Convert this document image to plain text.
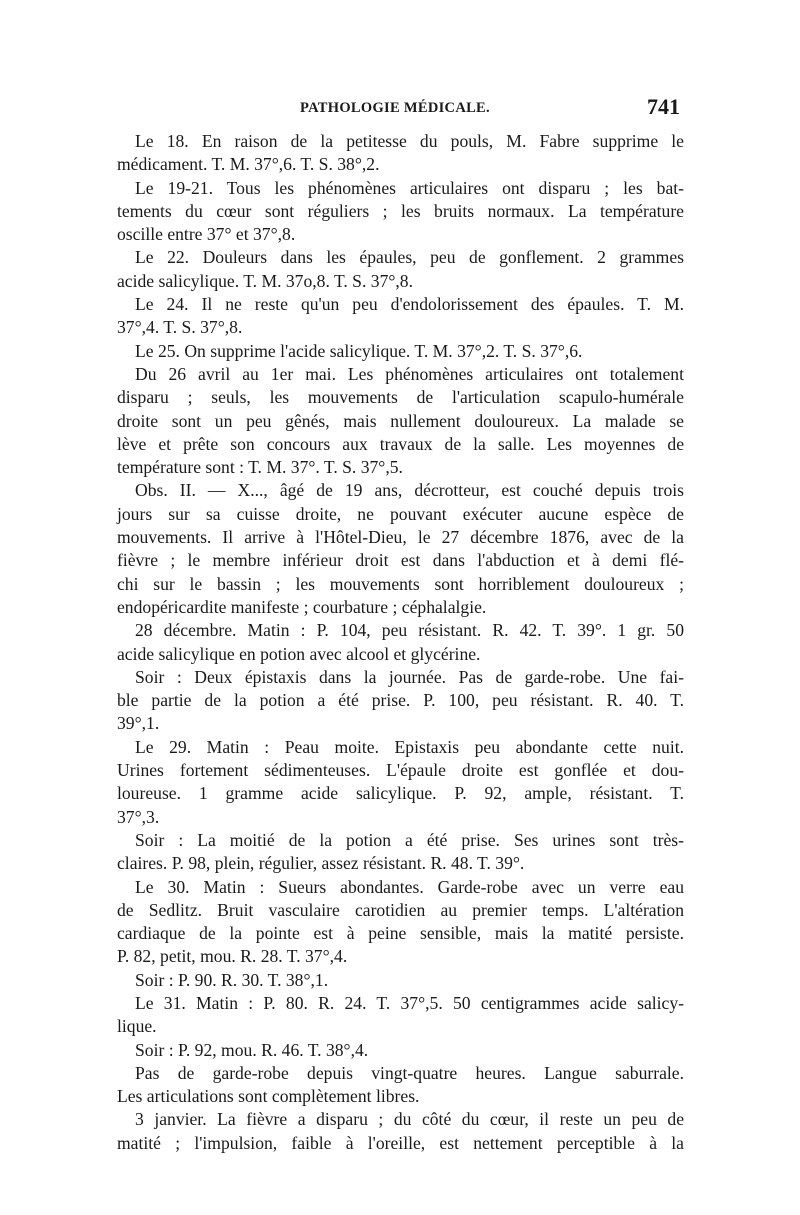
PATHOLOGIE MÉDICALE.	741
Le 18. En raison de la petitesse du pouls, M. Fabre supprime le
médicament. T. M. 37°,6. T. S. 38°,2.
Le 19-21. Tous les phénomènes articulaires ont disparu ; les bat-
tements du cœur sont réguliers ; les bruits normaux. La température
oscille entre 37° et 37°,8.
Le 22. Douleurs dans les épaules, peu de gonflement. 2 grammes
acide salicylique. T. M. 37o,8. T. S. 37°,8.
Le 24. Il ne reste qu'un peu d'endolorissement des épaules. T. M.
37°,4. T. S. 37°,8.
Le 25. On supprime l'acide salicylique. T. M. 37°,2. T. S. 37°,6.
Du 26 avril au 1er mai. Les phénomènes articulaires ont totalement
disparu ; seuls, les mouvements de l'articulation scapulo-humérale
droite sont un peu gênés, mais nullement douloureux. La malade se
lève et prête son concours aux travaux de la salle. Les moyennes de
température sont : T. M. 37°. T. S. 37°,5.
Obs. II. — X..., âgé de 19 ans, décrotteur, est couché depuis trois
jours sur sa cuisse droite, ne pouvant exécuter aucune espèce de
mouvements. Il arrive à l'Hôtel-Dieu, le 27 décembre 1876, avec de la
fièvre ; le membre inférieur droit est dans l'abduction et à demi flé-
chi sur le bassin ; les mouvements sont horriblement douloureux ;
endopéricardite manifeste ; courbature ; céphalalgie.
28 décembre. Matin : P. 104, peu résistant. R. 42. T. 39°. 1 gr. 50
acide salicylique en potion avec alcool et glycérine.
Soir : Deux épistaxis dans la journée. Pas de garde-robe. Une fai-
ble partie de la potion a été prise. P. 100, peu résistant. R. 40. T.
39°,1.
Le 29. Matin : Peau moite. Epistaxis peu abondante cette nuit.
Urines fortement sédimenteuses. L'épaule droite est gonflée et dou-
loureuse. 1 gramme acide salicylique. P. 92, ample, résistant. T.
37°,3.
Soir : La moitié de la potion a été prise. Ses urines sont très-
claires. P. 98, plein, régulier, assez résistant. R. 48. T. 39°.
Le 30. Matin : Sueurs abondantes. Garde-robe avec un verre eau
de Sedlitz. Bruit vasculaire carotidien au premier temps. L'altération
cardiaque de la pointe est à peine sensible, mais la matité persiste.
P. 82, petit, mou. R. 28. T. 37°,4.
Soir : P. 90. R. 30. T. 38°,1.
Le 31. Matin : P. 80. R. 24. T. 37°,5. 50 centigrammes acide salicy-
lique.
Soir : P. 92, mou. R. 46. T. 38°,4.
Pas de garde-robe depuis vingt-quatre heures. Langue saburrale.
Les articulations sont complètement libres.
3 janvier. La fièvre a disparu ; du côté du cœur, il reste un peu de
matité ; l'impulsion, faible à l'oreille, est nettement perceptible à la
